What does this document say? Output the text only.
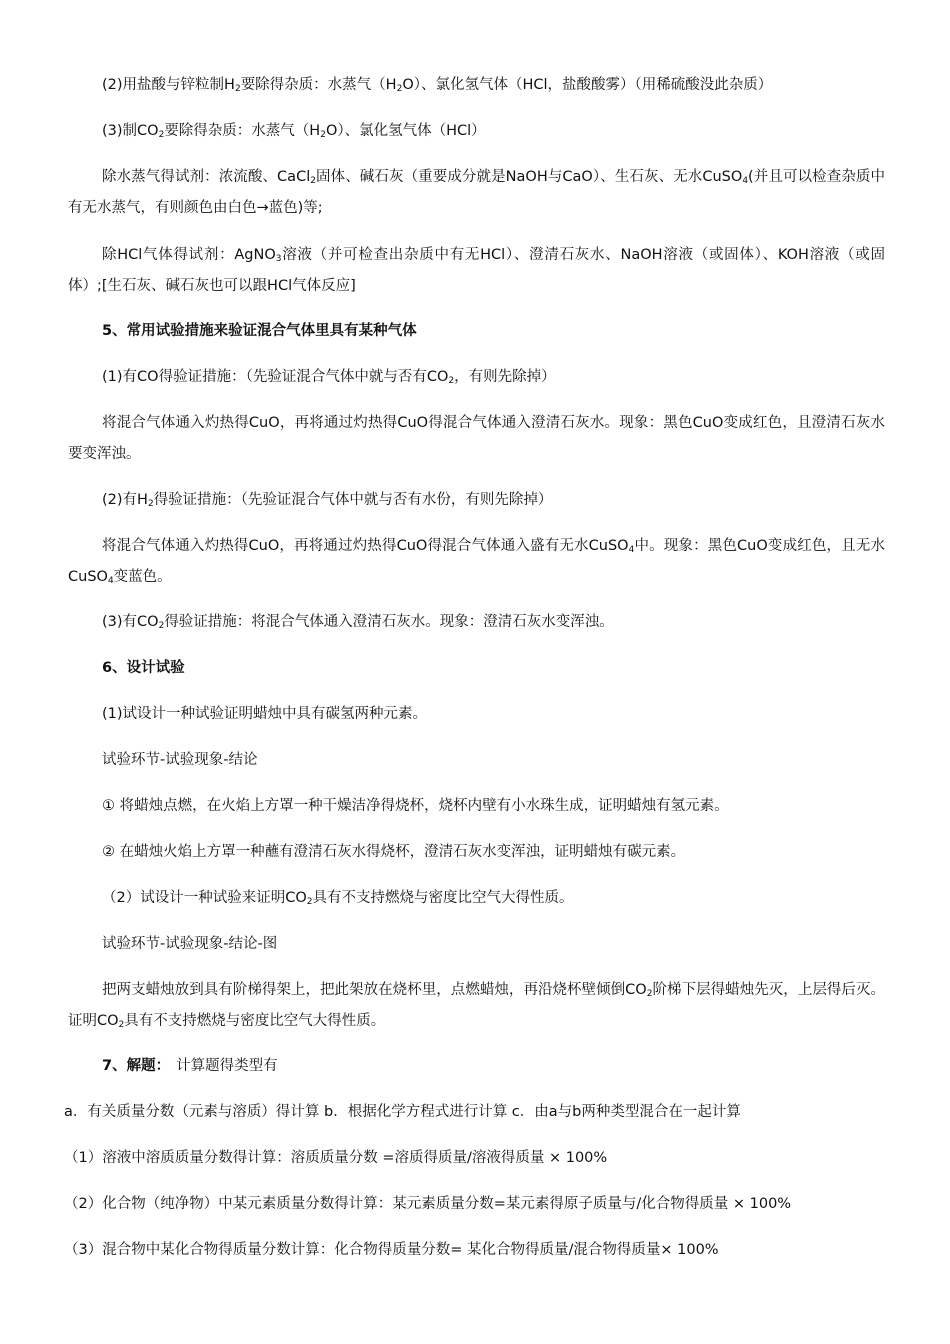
(2)用盐酸与锌粒制$H_2$要除得杂质：水蒸气$(H_2O)$、氯化氢气体（HCl，盐酸酸雾）（用稀硫酸没此杂质）

(3)制$CO_2$要除得杂质：水蒸气$(H_2O)$、氯化氢气体（HCl）

除水蒸气得试剂：浓流酸、CaCl$_2$固体、碱石灰（重要成分就是NaOH与CaO）、生石灰、无水CuSO$_4$(并且可以检查杂质中有无水蒸气，有则颜色由白色→蓝色)等;

除HCl气体得试剂：AgNO$_3$溶液（并可检查出杂质中有无HCl）、澄清石灰水、NaOH溶液（或固体）、KOH溶液（或固体）;[生石灰、碱石灰也可以跟HCl气体反应]

5、常用试验措施来验证混合气体里具有某种气体

(1)有CO得验证措施：（先验证混合气体中就与否有$CO_2$，有则先除掉）

将混合气体通入灼热得CuO，再将通过灼热得CuO得混合气体通入澄清石灰水。现象：黑色CuO变成红色，且澄清石灰水要变浑浊。

(2)有$H_2$得验证措施：（先验证混合气体中就与否有水份，有则先除掉）

将混合气体通入灼热得CuO，再将通过灼热得CuO得混合气体通入盛有无水CuSO$_4$中。现象：黑色CuO变成红色，且无水CuSO$_4$变蓝色。

(3)有$CO_2$得验证措施：将混合气体通入澄清石灰水。现象：澄清石灰水变浑浊。

6、设计试验

(1)试设计一种试验证明蜡烛中具有碳氢两种元素。

试验环节-试验现象-结论

① 将蜡烛点燃，在火焰上方罩一种干燥洁净得烧杯，烧杯内壁有小水珠生成，证明蜡烛有氢元素。

② 在蜡烛火焰上方罩一种蘸有澄清石灰水得烧杯，澄清石灰水变浑浊，证明蜡烛有碳元素。

（2）试设计一种试验来证明$CO_2$具有不支持燃烧与密度比空气大得性质。

试验环节-试验现象-结论-图

把两支蜡烛放到具有阶梯得架上，把此架放在烧杯里，点燃蜡烛，再沿烧杯壁倾倒$CO_2$阶梯下层得蜡烛先灭，上层得后灭。 证明$CO_2$具有不支持燃烧与密度比空气大得性质。

7、解题： 计算题得类型有

a．有关质量分数（元素与溶质）得计算 b．根据化学方程式进行计算 c．由a与b两种类型混合在一起计算

（1）溶液中溶质质量分数得计算：溶质质量分数 =溶质得质量/溶液得质量 × 100%

（2）化合物（纯净物）中某元素质量分数得计算：某元素质量分数=某元素得原子质量与/化合物得质量 × 100%

（3）混合物中某化合物得质量分数计算：化合物得质量分数= 某化合物得质量/混合物得质量× 100%
